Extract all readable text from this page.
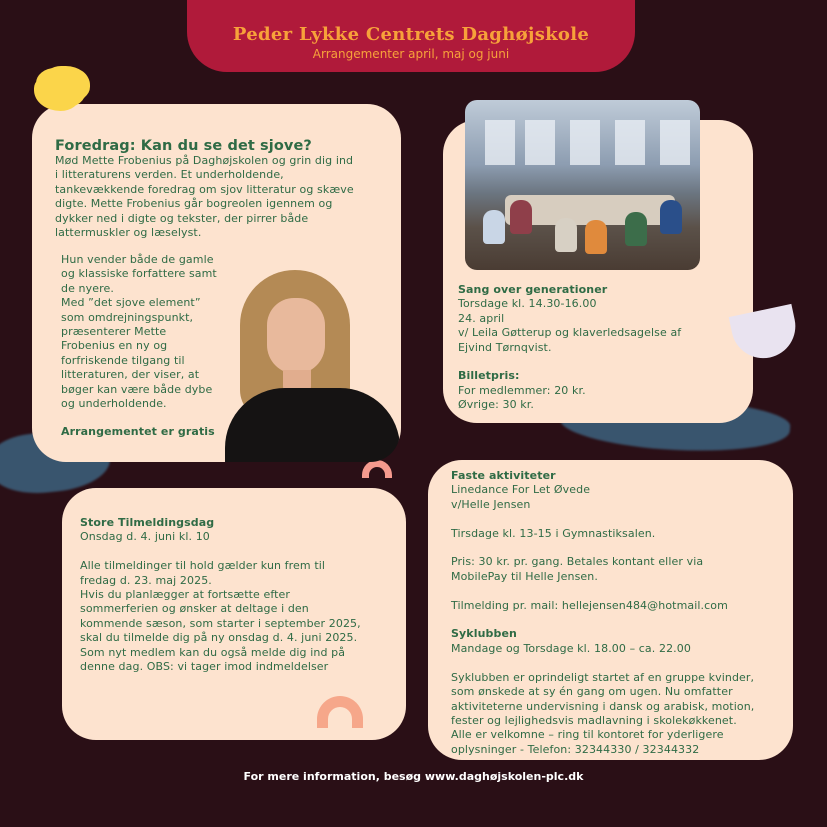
Peder Lykke Centrets Daghøjskole
Arrangementer april, maj og juni
Foredrag: Kan du se det sjove?

Mød Mette Frobenius på Daghøjskolen og grin dig ind
i litteraturens verden. Et underholdende,
tankevækkende foredrag om sjov litteratur og skæve
digte. Mette Frobenius går bogreolen igennem og
dykker ned i digte og tekster, der pirrer både
lattermuskler og læselyst.

Hun vender både de gamle
og klassiske forfattere samt
de nyere.
Med ”det sjove element”
som omdrejningspunkt,
præsenterer Mette
Frobenius en ny og
forfriskende tilgang til
litteraturen, der viser, at
bøger kan være både dybe
og underholdende.

Arrangementet er gratis

Sang over generationer

Torsdage kl. 14.30-16.00
24. april
v/ Leila Gøtterup og klaverledsagelse af
Ejvind Tørnqvist.

Billetpris:

For medlemmer: 20 kr.
Øvrige: 30 kr.

Store Tilmeldingsdag

Onsdag d. 4. juni kl. 10

Alle tilmeldinger til hold gælder kun frem til
fredag d. 23. maj 2025.
Hvis du planlægger at fortsætte efter
sommerferien og ønsker at deltage i den
kommende sæson, som starter i september 2025,
skal du tilmelde dig på ny onsdag d. 4. juni 2025.
Som nyt medlem kan du også melde dig ind på
denne dag. OBS: vi tager imod indmeldelser

Faste aktiviteter

Linedance For Let Øvede
v/Helle Jensen

Tirsdage kl. 13-15 i Gymnastiksalen.

Pris: 30 kr. pr. gang. Betales kontant eller via
MobilePay til Helle Jensen.

Tilmelding pr. mail: hellejensen484@hotmail.com

Syklubben

Mandage og Torsdage kl. 18.00 – ca. 22.00

Syklubben er oprindeligt startet af en gruppe kvinder,
som ønskede at sy én gang om ugen. Nu omfatter
aktiviteterne undervisning i dansk og arabisk, motion,
fester og lejlighedsvis madlavning i skolekøkkenet.
Alle er velkomne – ring til kontoret for yderligere
oplysninger - Telefon: 32344330 / 32344332

For mere information, besøg www.daghøjskolen-plc.dk
